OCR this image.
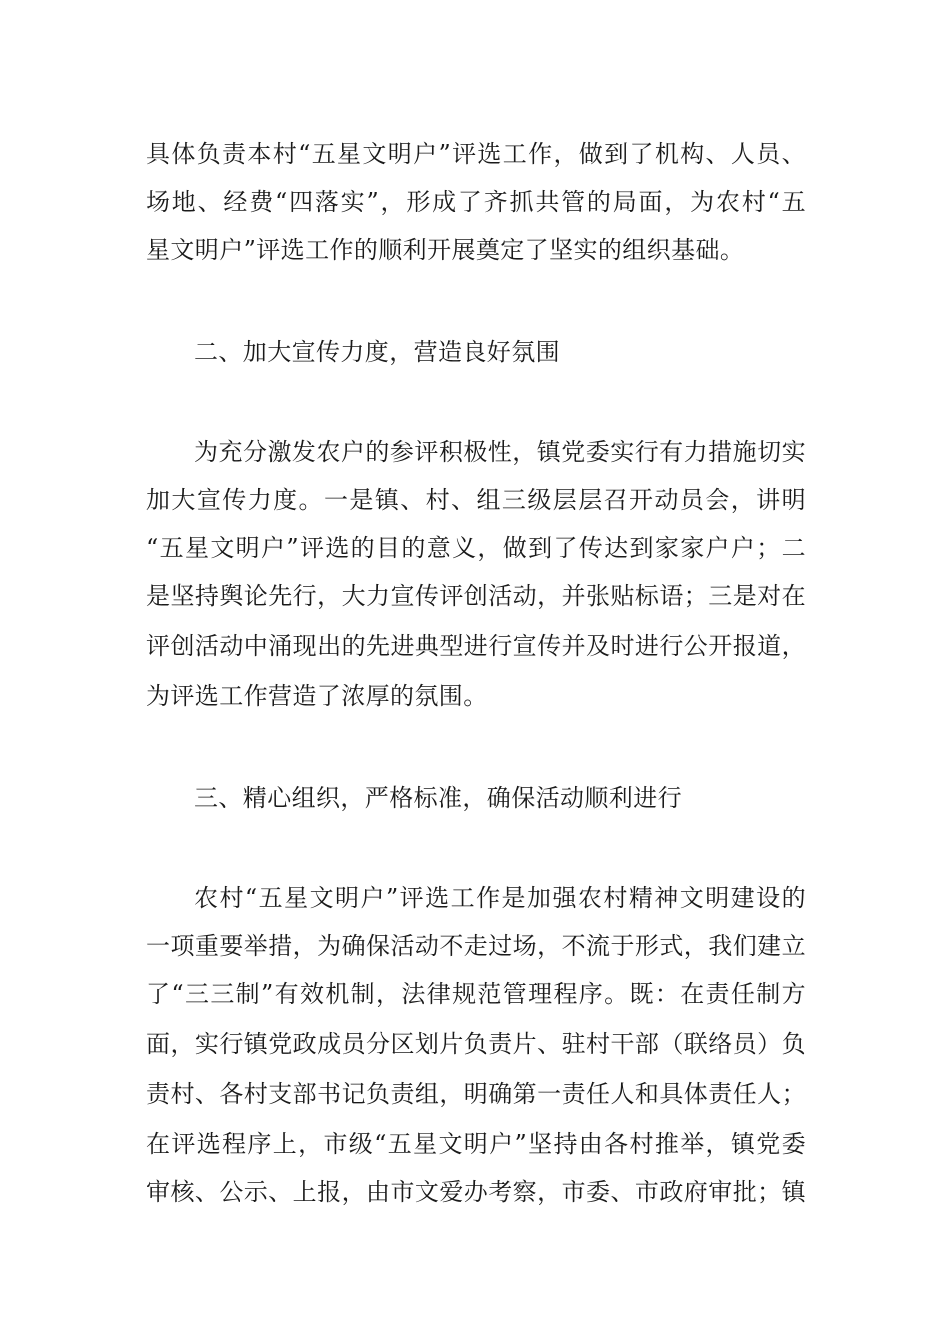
具体负责本村“五星文明户”评选工作，做到了机构、人员、
场地、经费“四落实”，形成了齐抓共管的局面，为农村“五
星文明户”评选工作的顺利开展奠定了坚实的组织基础。
二、加大宣传力度，营造良好氛围
为充分激发农户的参评积极性，镇党委实行有力措施切实
加大宣传力度。一是镇、村、组三级层层召开动员会，讲明
“五星文明户”评选的目的意义，做到了传达到家家户户；二
是坚持舆论先行，大力宣传评创活动，并张贴标语；三是对在
评创活动中涌现出的先进典型进行宣传并及时进行公开报道，
为评选工作营造了浓厚的氛围。
三、精心组织，严格标准，确保活动顺利进行
农村“五星文明户”评选工作是加强农村精神文明建设的
一项重要举措，为确保活动不走过场，不流于形式，我们建立
了“三三制”有效机制，法律规范管理程序。既：在责任制方
面，实行镇党政成员分区划片负责片、驻村干部（联络员）负
责村、各村支部书记负责组，明确第一责任人和具体责任人；
在评选程序上，市级“五星文明户”坚持由各村推举，镇党委
审核、公示、上报，由市文爱办考察，市委、市政府审批；镇
